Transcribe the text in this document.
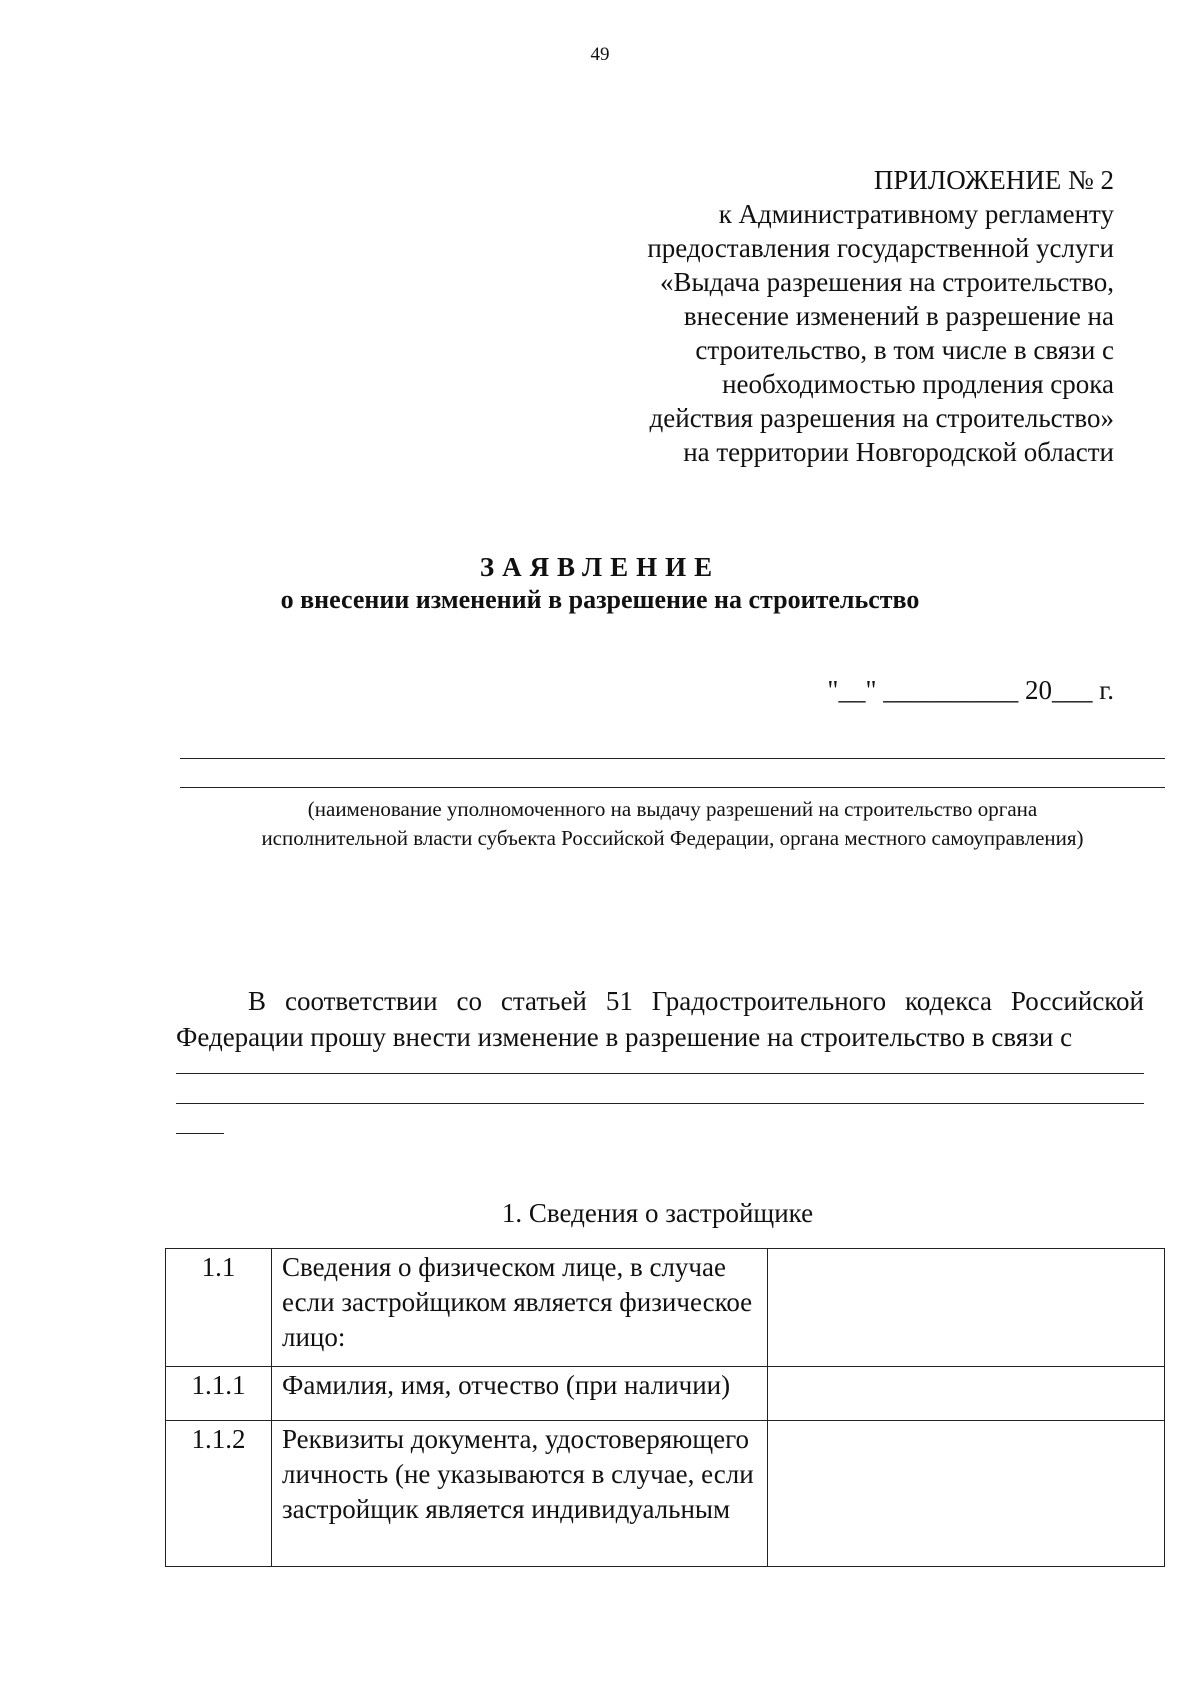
49
ПРИЛОЖЕНИЕ № 2
к Административному регламенту
предоставления государственной услуги
«Выдача разрешения на строительство,
внесение изменений в разрешение на
строительство, в том числе в связи с
необходимостью продления срока
действия разрешения на строительство»
на территории Новгородской области
ЗАЯВЛЕНИЕ
о внесении изменений в разрешение на строительство
"__" __________ 20___ г.
(наименование уполномоченного на выдачу разрешений на строительство органа
исполнительной власти субъекта Российской Федерации, органа местного самоуправления)
В соответствии со статьей 51 Градостроительного кодекса Российской Федерации прошу внести изменение в разрешение на строительство в связи с
1. Сведения о застройщике
1.1	Сведения о физическом лице, в случае если застройщиком является физическое лицо:	
1.1.1	Фамилия, имя, отчество (при наличии)	
1.1.2	Реквизиты документа, удостоверяющего личность (не указываются в случае, если застройщик является индивидуальным	
